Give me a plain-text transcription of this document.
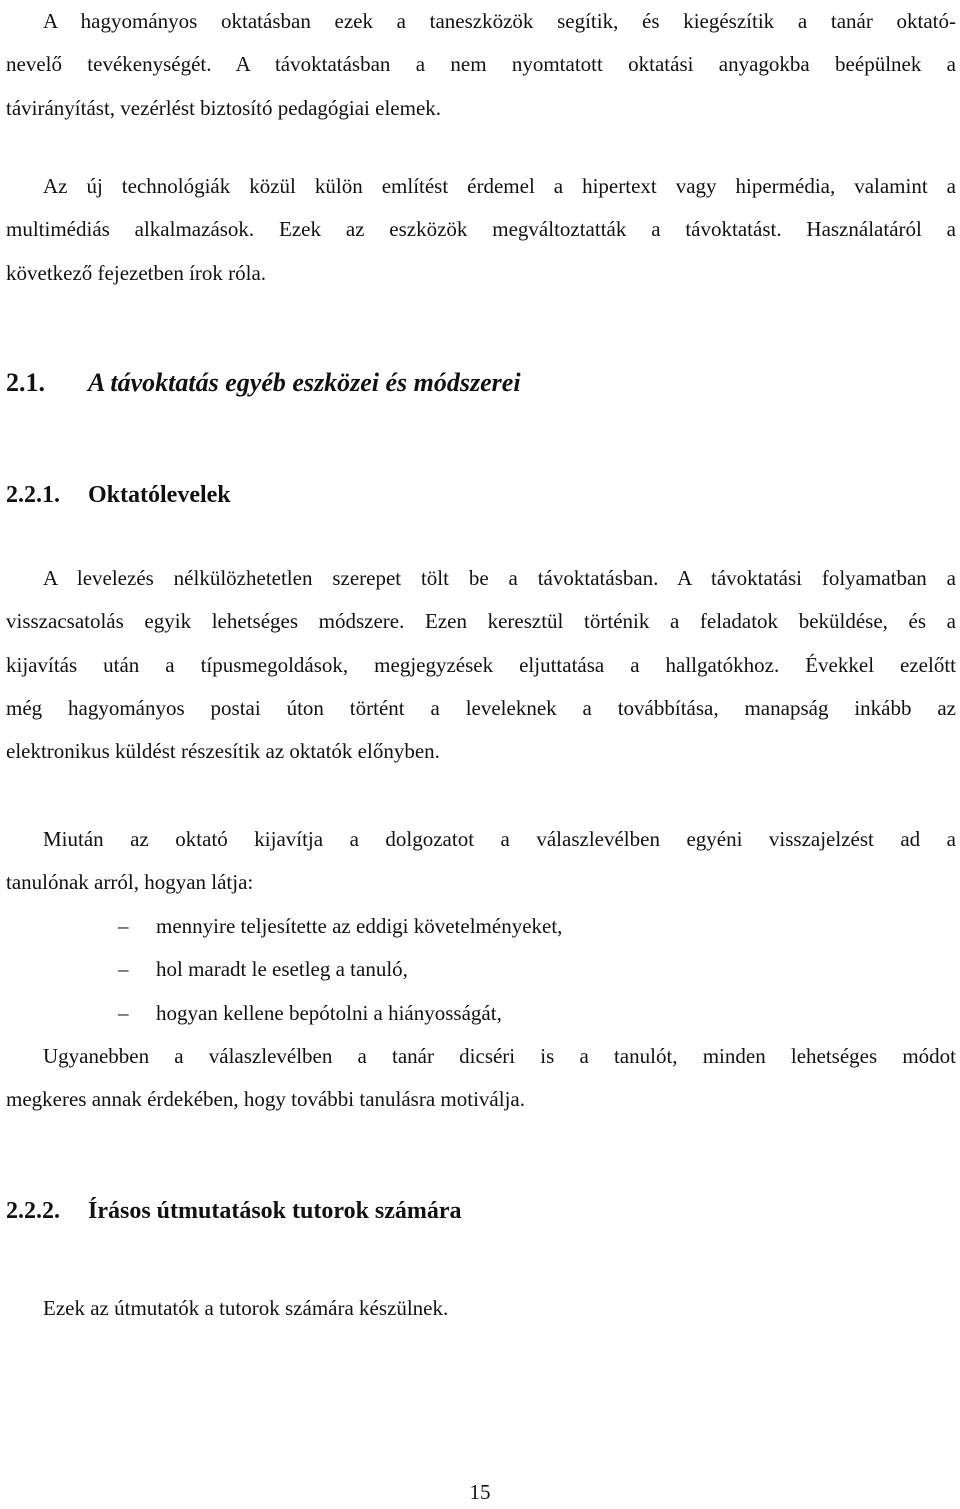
A hagyományos oktatásban ezek a taneszközök segítik, és kiegészítik a tanár oktató-
nevelő tevékenységét. A távoktatásban a nem nyomtatott oktatási anyagokba beépülnek a
távirányítást, vezérlést biztosító pedagógiai elemek.
Az új technológiák közül külön említést érdemel a hipertext vagy hipermédia, valamint a
multimédiás alkalmazások. Ezek az eszközök megváltoztatták a távoktatást. Használatáról a
következő fejezetben írok róla.
2.1. A távoktatás egyéb eszközei és módszerei
2.2.1. Oktatólevelek
A levelezés nélkülözhetetlen szerepet tölt be a távoktatásban. A távoktatási folyamatban a
visszacsatolás egyik lehetséges módszere. Ezen keresztül történik a feladatok beküldése, és a
kijavítás után a típusmegoldások, megjegyzések eljuttatása a hallgatókhoz. Évekkel ezelőtt
még hagyományos postai úton történt a leveleknek a továbbítása, manapság inkább az
elektronikus küldést részesítik az oktatók előnyben.
Miután az oktató kijavítja a dolgozatot a válaszlevélben egyéni visszajelzést ad a
tanulónak arról, hogyan látja:
– mennyire teljesítette az eddigi követelményeket,
– hol maradt le esetleg a tanuló,
– hogyan kellene bepótolni a hiányosságát,
Ugyanebben a válaszlevélben a tanár dicséri is a tanulót, minden lehetséges módot
megkeres annak érdekében, hogy további tanulásra motiválja.
2.2.2. Írásos útmutatások tutorok számára
Ezek az útmutatók a tutorok számára készülnek.
15
